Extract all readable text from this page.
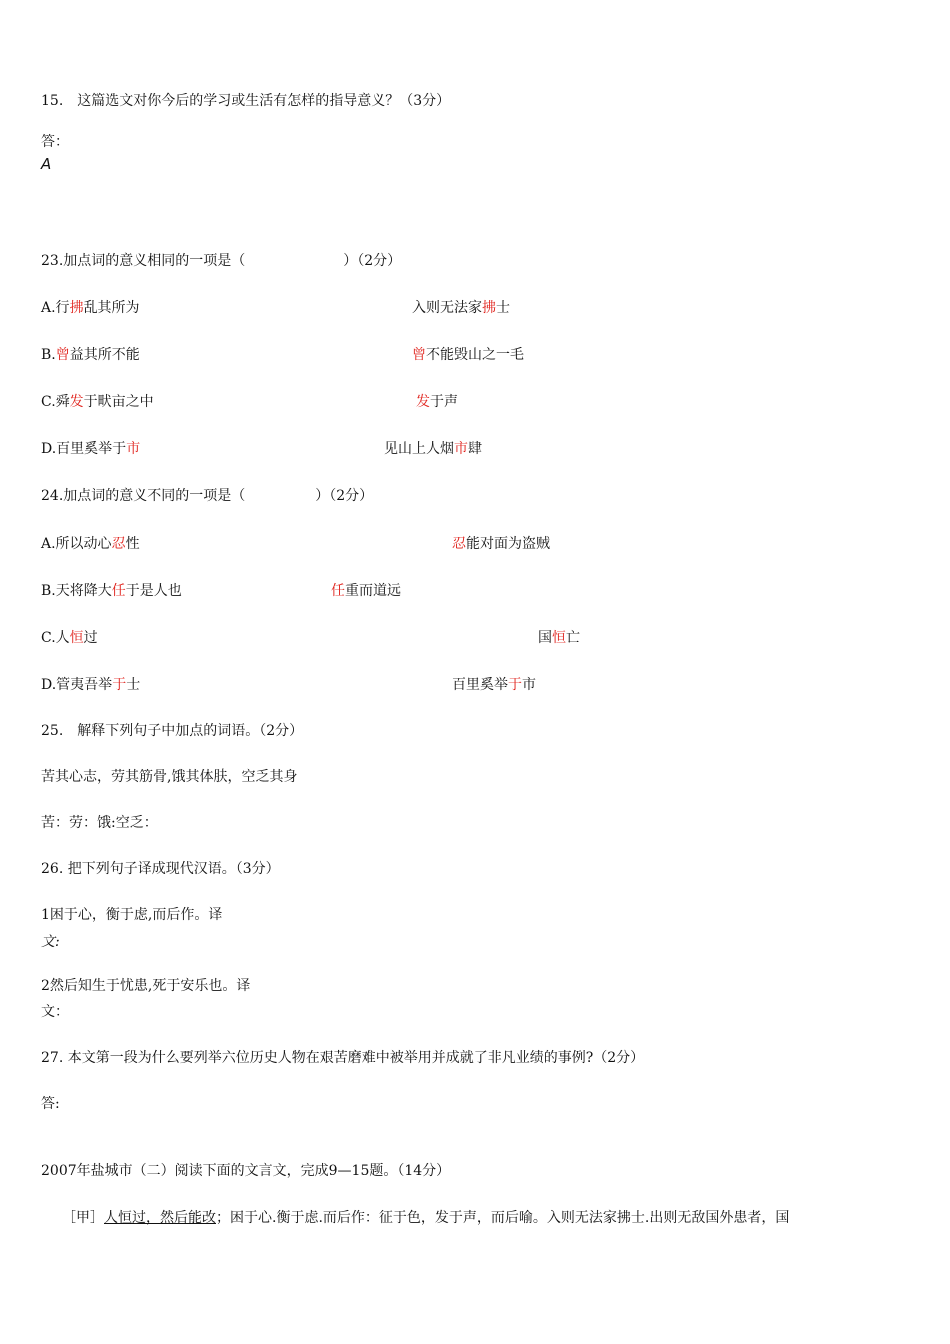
15.　这篇选文对你今后的学习或生活有怎样的指导意义？（3分）
答：
A
23.加点词的意义相同的一项是（　　　　　　　）（2分）
A.行拂乱其所为	入则无法家拂士
B.曾益其所不能	曾不能毁山之一毛
C.舜发于畎亩之中	发于声
D.百里奚举于市	见山上人烟市肆
24.加点词的意义不同的一项是（　　　　　）（2分）
A.所以动心忍性	忍能对面为盗贼
B.天将降大任于是人也	任重而道远
C.人恒过	国恒亡
D.管夷吾举于士	百里奚举于市
25.　解释下列句子中加点的词语。（2分）
苦其心志，劳其筋骨,饿其体肤，空乏其身
苦：劳：饿:空乏：
26. 把下列句子译成现代汉语。（3分）
1困于心，衡于虑,而后作。译
文:
2然后知生于忧患,死于安乐也。译
文：
27. 本文第一段为什么要列举六位历史人物在艰苦磨难中被举用并成就了非凡业绩的事例?（2分）
答:
2007年盐城市（二）阅读下面的文言文，完成9—15题。（14分）
［甲］人恒过，然后能改；困于心.衡于虑.而后作：征于色，发于声，而后喻。入则无法家拂士.出则无敌国外患者，国
